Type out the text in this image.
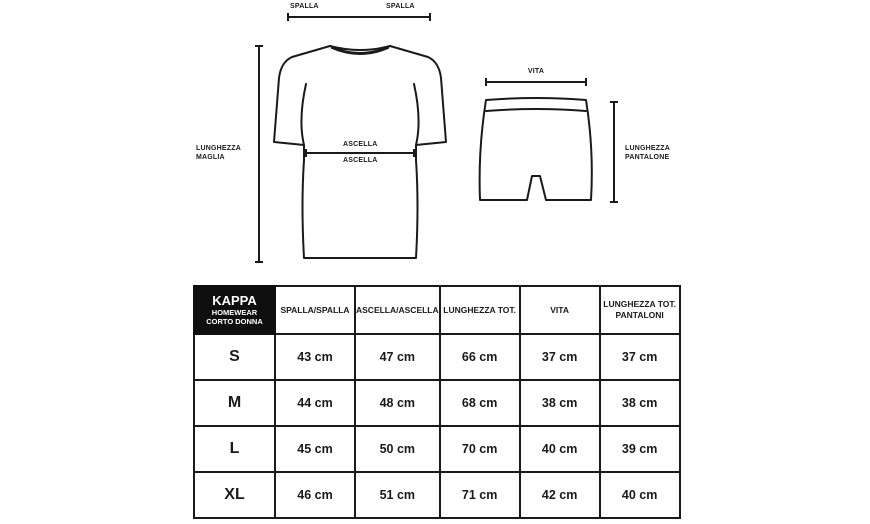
SPALLA	SPALLA
ASCELLA
ASCELLA
LUNGHEZZA MAGLIA
VITA
LUNGHEZZA PANTALONE
KAPPA
HOMEWEAR
CORTO DONNA	SPALLA/SPALLA	ASCELLA/ASCELLA	LUNGHEZZA TOT.	VITA	LUNGHEZZA TOT. PANTALONI
S	43 cm	47 cm	66 cm	37 cm	37 cm
M	44 cm	48 cm	68 cm	38 cm	38 cm
L	45 cm	50 cm	70 cm	40 cm	39 cm
XL	46 cm	51 cm	71 cm	42 cm	40 cm
